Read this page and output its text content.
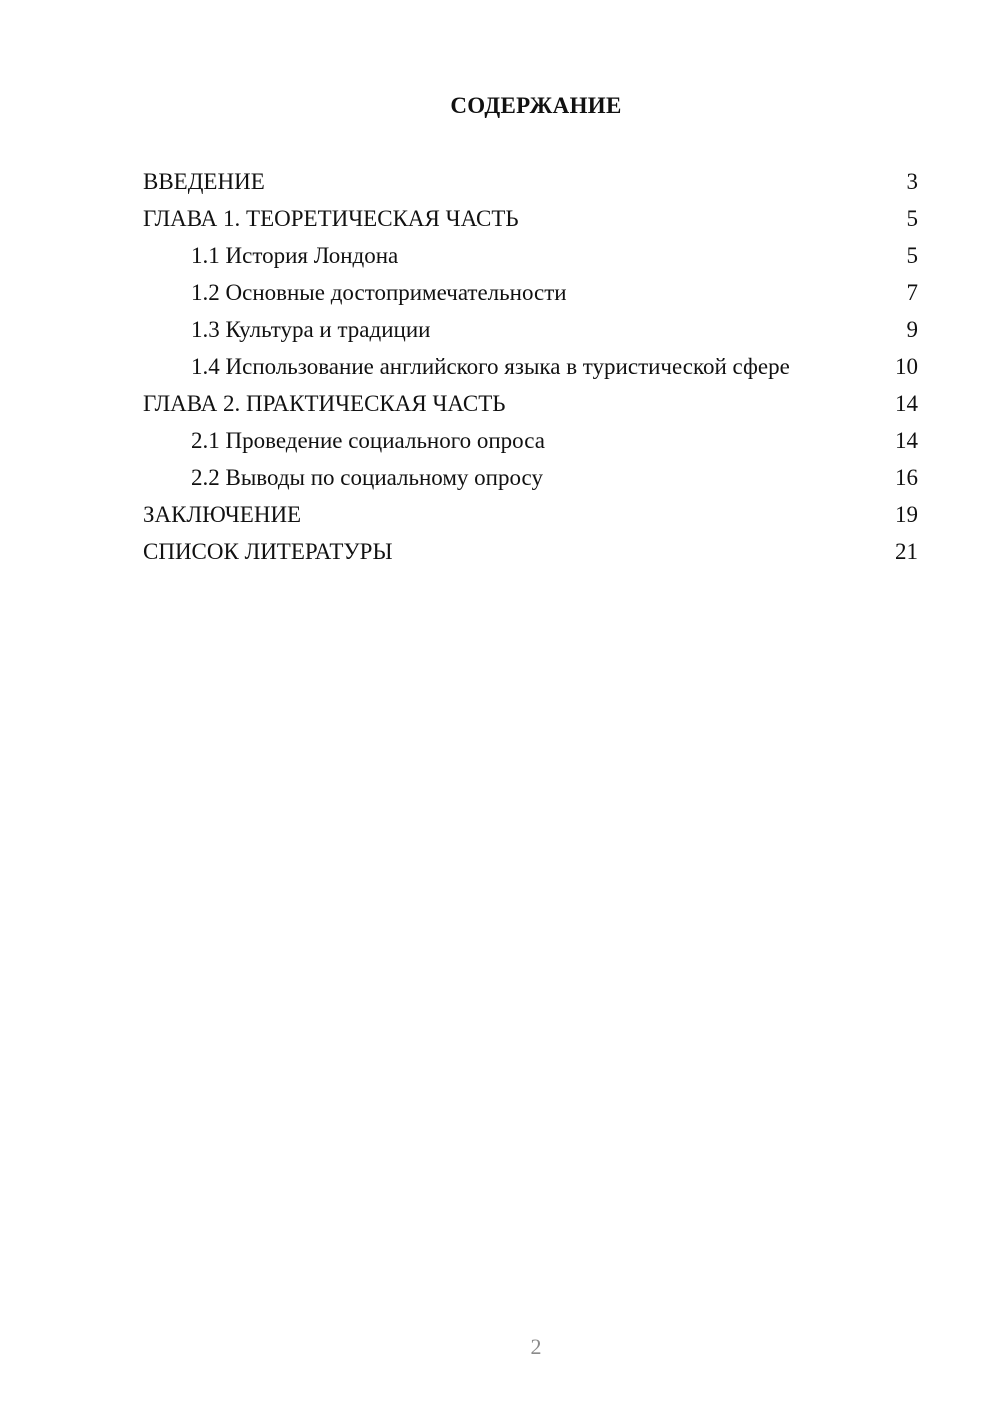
СОДЕРЖАНИЕ
ВВЕДЕНИЕ	3
ГЛАВА 1. ТЕОРЕТИЧЕСКАЯ ЧАСТЬ	5
1.1 История Лондона	5
1.2 Основные достопримечательности	7
1.3 Культура и традиции	9
1.4 Использование английского языка в туристической сфере	10
ГЛАВА 2. ПРАКТИЧЕСКАЯ ЧАСТЬ	14
2.1 Проведение социального опроса	14
2.2 Выводы по социальному опросу	16
ЗАКЛЮЧЕНИЕ	19
СПИСОК ЛИТЕРАТУРЫ	21
2
